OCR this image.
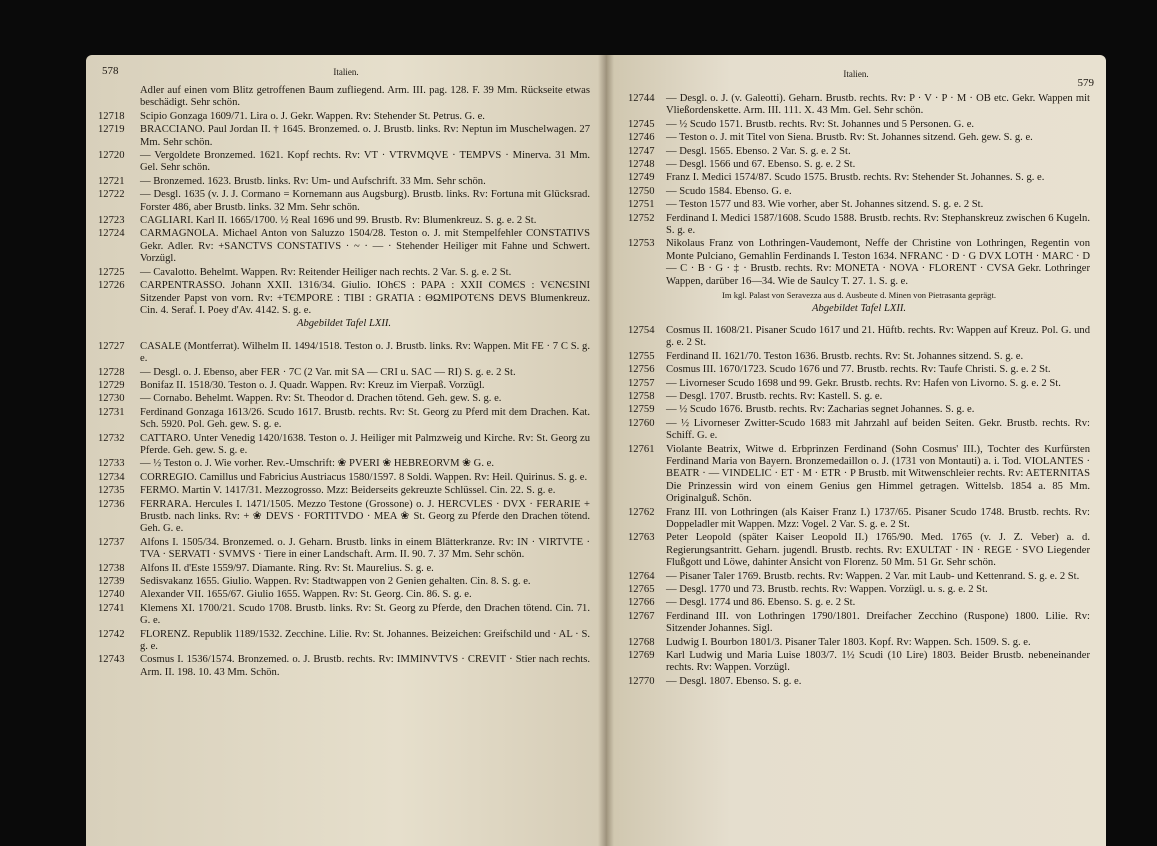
578	Italien.
Adler auf einen vom Blitz getroffenen Baum zufliegend. Arm. III. pag. 128. F. 39 Mm. Rückseite etwas beschädigt. Sehr schön.
12718	Scipio Gonzaga 1609/71. Lira o. J. Gekr. Wappen. Rv: Stehender St. Petrus. G. e.
12719	BRACCIANO. Paul Jordan II. † 1645. Bronzemed. o. J. Brustb. links. Rv: Neptun im Muschelwagen. 27 Mm. Sehr schön.
12720	— Vergoldete Bronzemed. 1621. Kopf rechts. Rv: VT · VTRVMQVE · TEMPVS · Minerva. 31 Mm. Gel. Sehr schön.
12721	— Bronzemed. 1623. Brustb. links. Rv: Um- und Aufschrift. 33 Mm. Sehr schön.
12722	— Desgl. 1635 (v. J. J. Cormano = Kornemann aus Augsburg). Brustb. links. Rv: Fortuna mit Glücksrad. Forster 486, aber Brustb. links. 32 Mm. Sehr schön.
12723	CAGLIARI. Karl II. 1665/1700. ½ Real 1696 und 99. Brustb. Rv: Blumenkreuz. S. g. e. 2 St.
12724	CARMAGNOLA. Michael Anton von Saluzzo 1504/28. Teston o. J. mit Stempelfehler CONSTATIVS Gekr. Adler. Rv: +SANCTVS CONSTATIVS · ~ · — · Stehender Heiliger mit Fahne und Schwert. Vorzügl.
12725	— Cavalotto. Behelmt. Wappen. Rv: Reitender Heiliger nach rechts. 2 Var. S. g. e. 2 St.
12726	CARPENTRASSO. Johann XXII. 1316/34. Giulio. IOhЄS : PAPA : XXII COMЄS : VЄNЄSINI Sitzender Papst von vorn. Rv: +TЄMPORE : TIBI : GRATIA : ΘΩMIPOTЄNS DEVS Blumenkreuz. Cin. 4. Seraf. I. Poey d'Av. 4142. S. g. e.
Abgebildet Tafel LXII.
12727	CASALE (Montferrat). Wilhelm II. 1494/1518. Teston o. J. Brustb. links. Rv: Wappen. Mit FE · 7 C S. g. e.
12728	— Desgl. o. J. Ebenso, aber FER · 7C (2 Var. mit SA — CRI u. SAC — RI) S. g. e. 2 St.
12729	Bonifaz II. 1518/30. Teston o. J. Quadr. Wappen. Rv: Kreuz im Vierpaß. Vorzügl.
12730	— Cornabo. Behelmt. Wappen. Rv: St. Theodor d. Drachen tötend. Geh. gew. S. g. e.
12731	Ferdinand Gonzaga 1613/26. Scudo 1617. Brustb. rechts. Rv: St. Georg zu Pferd mit dem Drachen. Kat. Sch. 5920. Pol. Geh. gew. S. g. e.
12732	CATTARO. Unter Venedig 1420/1638. Teston o. J. Heiliger mit Palmzweig und Kirche. Rv: St. Georg zu Pferde. Geh. gew. S. g. e.
12733	— ½ Teston o. J. Wie vorher. Rev.-Umschrift: ❀ PVERI ❀ HEBREORVM ❀ G. e.
12734	CORREGIO. Camillus und Fabricius Austriacus 1580/1597. 8 Soldi. Wappen. Rv: Heil. Quirinus. S. g. e.
12735	FERMO. Martin V. 1417/31. Mezzogrosso. Mzz: Beiderseits gekreuzte Schlüssel. Cin. 22. S. g. e.
12736	FERRARA. Hercules I. 1471/1505. Mezzo Testone (Grossone) o. J. HERCVLES · DVX · FERARIE + Brustb. nach links. Rv: + ❀ DEVS · FORTITVDO · MEA ❀ St. Georg zu Pferde den Drachen tötend. Geh. G. e.
12737	Alfons I. 1505/34. Bronzemed. o. J. Geharn. Brustb. links in einem Blätterkranze. Rv: IN · VIRTVTE · TVA · SERVATI · SVMVS · Tiere in einer Landschaft. Arm. II. 90. 7. 37 Mm. Sehr schön.
12738	Alfons II. d'Este 1559/97. Diamante. Ring. Rv: St. Maurelius. S. g. e.
12739	Sedisvakanz 1655. Giulio. Wappen. Rv: Stadtwappen von 2 Genien gehalten. Cin. 8. S. g. e.
12740	Alexander VII. 1655/67. Giulio 1655. Wappen. Rv: St. Georg. Cin. 86. S. g. e.
12741	Klemens XI. 1700/21. Scudo 1708. Brustb. links. Rv: St. Georg zu Pferde, den Drachen tötend. Cin. 71. G. e.
12742	FLORENZ. Republik 1189/1532. Zecchine. Lilie. Rv: St. Johannes. Beizeichen: Greifschild und · AL · S. g. e.
12743	Cosmus I. 1536/1574. Bronzemed. o. J. Brustb. rechts. Rv: IMMINVTVS · CREVIT · Stier nach rechts. Arm. II. 198. 10. 43 Mm. Schön.
Italien.
579
12744	— Desgl. o. J. (v. Galeotti). Geharn. Brustb. rechts. Rv: P · V · P · M · OB etc. Gekr. Wappen mit Vließordenskette. Arm. III. 111. X. 43 Mm. Gel. Sehr schön.
12745	— ½ Scudo 1571. Brustb. rechts. Rv: St. Johannes und 5 Personen. G. e.
12746	— Teston o. J. mit Titel von Siena. Brustb. Rv: St. Johannes sitzend. Geh. gew. S. g. e.
12747	— Desgl. 1565. Ebenso. 2 Var. S. g. e. 2 St.
12748	— Desgl. 1566 und 67. Ebenso. S. g. e. 2 St.
12749	Franz I. Medici 1574/87. Scudo 1575. Brustb. rechts. Rv: Stehender St. Johannes. S. g. e.
12750	— Scudo 1584. Ebenso. G. e.
12751	— Teston 1577 und 83. Wie vorher, aber St. Johannes sitzend. S. g. e. 2 St.
12752	Ferdinand I. Medici 1587/1608. Scudo 1588. Brustb. rechts. Rv: Stephanskreuz zwischen 6 Kugeln. S. g. e.
12753	Nikolaus Franz von Lothringen-Vaudemont, Neffe der Christine von Lothringen, Regentin von Monte Pulciano, Gemahlin Ferdinands I. Teston 1634. NFRANC · D · G DVX LOTH · MARC · D — C · B · G · ‡ · Brustb. rechts. Rv: MONETA · NOVA · FLORENT · CVSA Gekr. Lothringer Wappen, darüber 16—34. Wie de Saulcy T. 27. 1. S. g. e.
Im kgl. Palast von Seravezza aus d. Ausbeute d. Minen von Pietrasanta geprägt.
Abgebildet Tafel LXII.
12754	Cosmus II. 1608/21. Pisaner Scudo 1617 und 21. Hüftb. rechts. Rv: Wappen auf Kreuz. Pol. G. und g. e. 2 St.
12755	Ferdinand II. 1621/70. Teston 1636. Brustb. rechts. Rv: St. Johannes sitzend. S. g. e.
12756	Cosmus III. 1670/1723. Scudo 1676 und 77. Brustb. rechts. Rv: Taufe Christi. S. g. e. 2 St.
12757	— Livorneser Scudo 1698 und 99. Gekr. Brustb. rechts. Rv: Hafen von Livorno. S. g. e. 2 St.
12758	— Desgl. 1707. Brustb. rechts. Rv: Kastell. S. g. e.
12759	— ½ Scudo 1676. Brustb. rechts. Rv: Zacharias segnet Johannes. S. g. e.
12760	— ½ Livorneser Zwitter-Scudo 1683 mit Jahrzahl auf beiden Seiten. Gekr. Brustb. rechts. Rv: Schiff. G. e.
12761	Violante Beatrix, Witwe d. Erbprinzen Ferdinand (Sohn Cosmus' III.), Tochter des Kurfürsten Ferdinand Maria von Bayern. Bronzemedaillon o. J. (1731 von Montauti) a. i. Tod. VIOLANTES · BEATR · — VINDELIC · ET · M · ETR · P Brustb. mit Witwenschleier rechts. Rv: AETERNITAS Die Prinzessin wird von einem Genius gen Himmel getragen. Wittelsb. 1854 a. 85 Mm. Originalguß. Schön.
12762	Franz III. von Lothringen (als Kaiser Franz I.) 1737/65. Pisaner Scudo 1748. Brustb. rechts. Rv: Doppeladler mit Wappen. Mzz: Vogel. 2 Var. S. g. e. 2 St.
12763	Peter Leopold (später Kaiser Leopold II.) 1765/90. Med. 1765 (v. J. Z. Veber) a. d. Regierungsantritt. Geharn. jugendl. Brustb. rechts. Rv: EXULTAT · IN · REGE · SVO Liegender Flußgott und Löwe, dahinter Ansicht von Florenz. 50 Mm. 51 Gr. Sehr schön.
12764	— Pisaner Taler 1769. Brustb. rechts. Rv: Wappen. 2 Var. mit Laub- und Kettenrand. S. g. e. 2 St.
12765	— Desgl. 1770 und 73. Brustb. rechts. Rv: Wappen. Vorzügl. u. s. g. e. 2 St.
12766	— Desgl. 1774 und 86. Ebenso. S. g. e. 2 St.
12767	Ferdinand III. von Lothringen 1790/1801. Dreifacher Zecchino (Ruspone) 1800. Lilie. Rv: Sitzender Johannes. Sigl.
12768	Ludwig I. Bourbon 1801/3. Pisaner Taler 1803. Kopf. Rv: Wappen. Sch. 1509. S. g. e.
12769	Karl Ludwig und Maria Luise 1803/7. 1½ Scudi (10 Lire) 1803. Beider Brustb. nebeneinander rechts. Rv: Wappen. Vorzügl.
12770	— Desgl. 1807. Ebenso. S. g. e.
